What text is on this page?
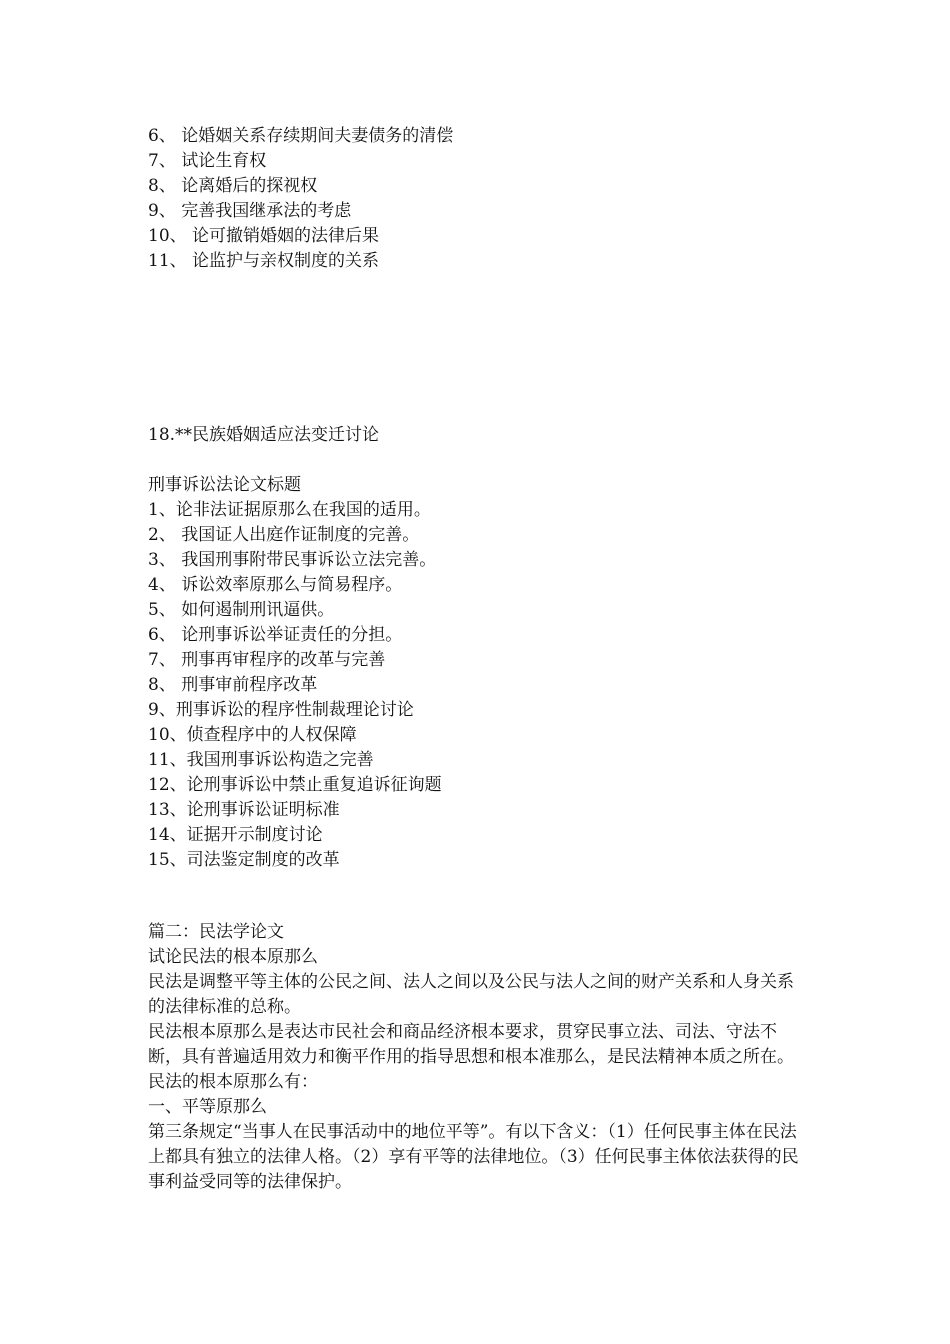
6、 论婚姻关系存续期间夫妻债务的清偿
7、 试论生育权
8、 论离婚后的探视权
9、 完善我国继承法的考虑
10、 论可撤销婚姻的法律后果
11、 论监护与亲权制度的关系
18.**民族婚姻适应法变迁讨论
刑事诉讼法论文标题
1、论非法证据原那么在我国的适用。
2、 我国证人出庭作证制度的完善。
3、 我国刑事附带民事诉讼立法完善。
4、 诉讼效率原那么与简易程序。
5、 如何遏制刑讯逼供。
6、 论刑事诉讼举证责任的分担。
7、 刑事再审程序的改革与完善
8、 刑事审前程序改革
9、刑事诉讼的程序性制裁理论讨论
10、侦查程序中的人权保障
11、我国刑事诉讼构造之完善
12、论刑事诉讼中禁止重复追诉征询题
13、论刑事诉讼证明标准
14、证据开示制度讨论
15、司法鉴定制度的改革
篇二：民法学论文
试论民法的根本原那么
民法是调整平等主体的公民之间、法人之间以及公民与法人之间的财产关系和人身关系的法律标准的总称。
民法根本原那么是表达市民社会和商品经济根本要求，贯穿民事立法、司法、守法不断，具有普遍适用效力和衡平作用的指导思想和根本准那么，是民法精神本质之所在。
民法的根本原那么有：
一、平等原那么
第三条规定“当事人在民事活动中的地位平等”。有以下含义：（1）任何民事主体在民法上都具有独立的法律人格。（2）享有平等的法律地位。（3）任何民事主体依法获得的民事利益受同等的法律保护。
